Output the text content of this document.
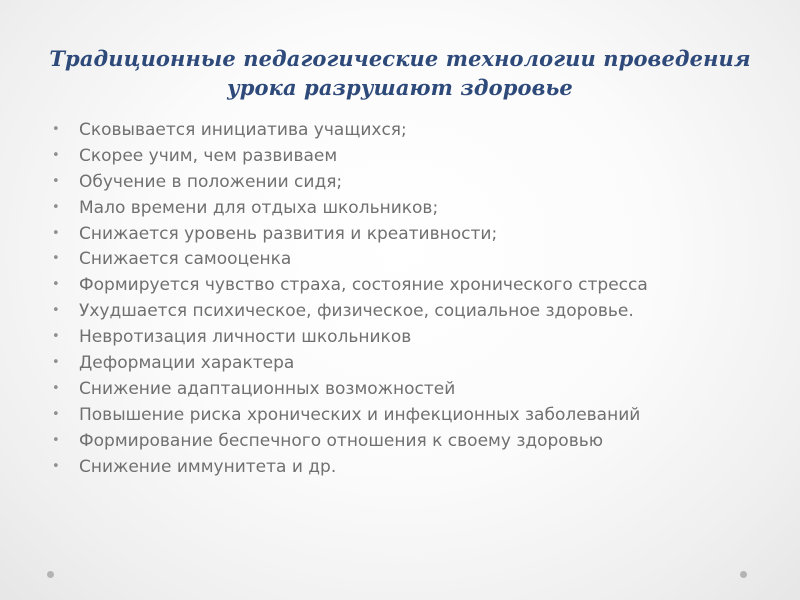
Традиционные педагогические технологии проведения
урока разрушают здоровье
• Сковывается инициатива учащихся;
• Скорее учим, чем развиваем
• Обучение в положении сидя;
• Мало времени для отдыха школьников;
• Снижается уровень развития и креативности;
• Снижается самооценка
• Формируется чувство страха, состояние хронического стресса
• Ухудшается психическое, физическое, социальное здоровье.
• Невротизация личности школьников
• Деформации характера
• Снижение адаптационных возможностей
• Повышение риска хронических и инфекционных заболеваний
• Формирование беспечного отношения к своему здоровью
• Снижение иммунитета и др.
